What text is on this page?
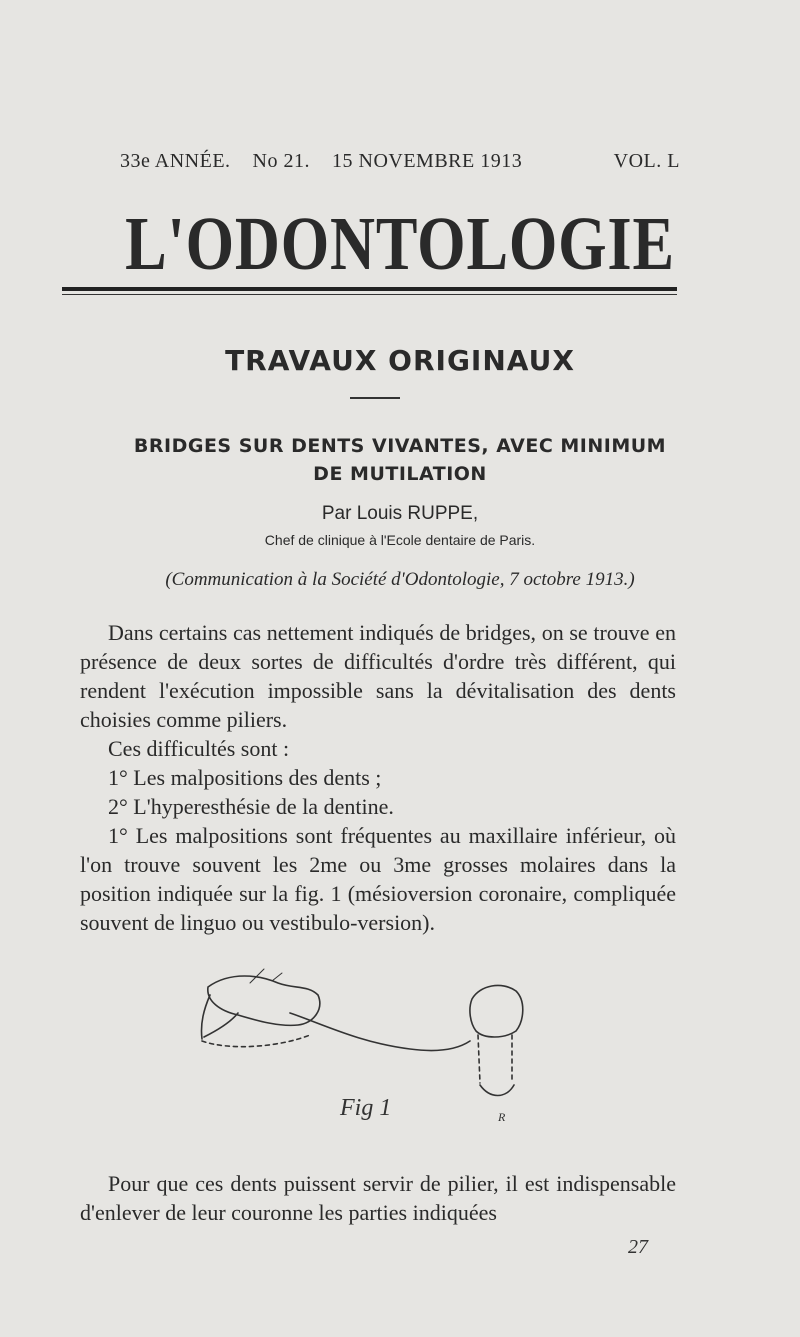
33e ANNÉE. No 21. 15 NOVEMBRE 1913	VOL. L
L'ODONTOLOGIE
TRAVAUX ORIGINAUX
BRIDGES SUR DENTS VIVANTES, AVEC MINIMUM
DE MUTILATION
Par Louis RUPPE,
Chef de clinique à l'Ecole dentaire de Paris.
(Communication à la Société d'Odontologie, 7 octobre 1913.)

Dans certains cas nettement indiqués de bridges, on se trouve en présence de deux sortes de difficultés d'ordre très différent, qui rendent l'exécution impossible sans la dévitalisation des dents choisies comme piliers.

Ces difficultés sont :

1° Les malpositions des dents ;

2° L'hyperesthésie de la dentine.

1° Les malpositions sont fréquentes au maxillaire inférieur, où l'on trouve souvent les 2me ou 3me grosses molaires dans la position indiquée sur la fig. 1 (mésioversion coronaire, compliquée souvent de linguo ou vestibulo-version).

Fig 1	R

Pour que ces dents puissent servir de pilier, il est indispensable d'enlever de leur couronne les parties indiquées

27
